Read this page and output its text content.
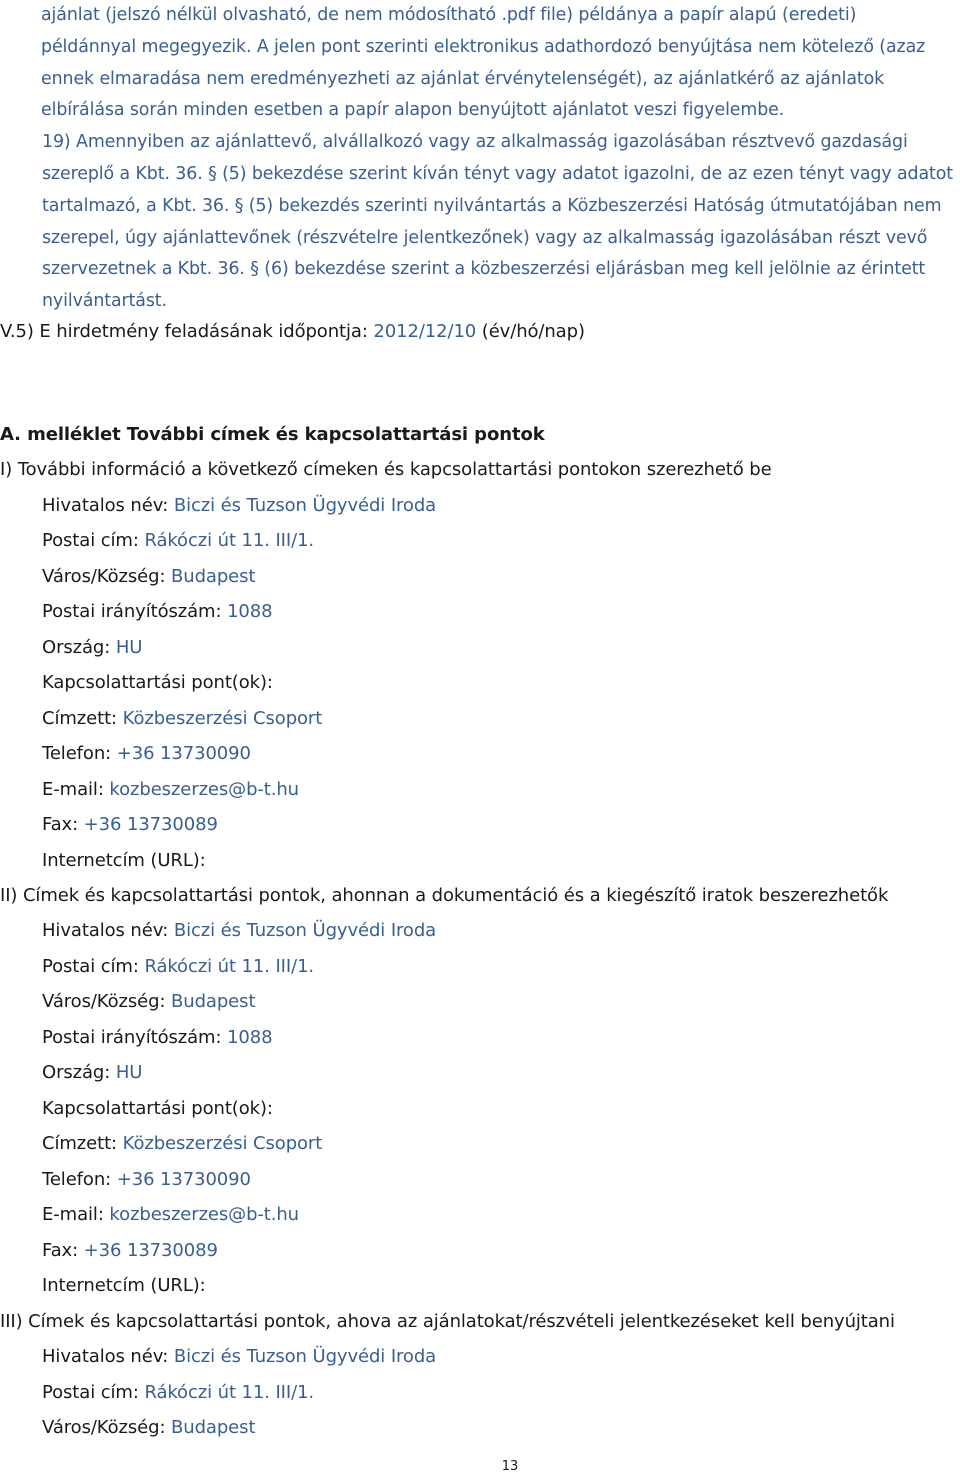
ajánlat (jelszó nélkül olvasható, de nem módosítható .pdf file) példánya a papír alapú (eredeti) példánnyal megegyezik. A jelen pont szerinti elektronikus adathordozó benyújtása nem kötelező (azaz ennek elmaradása nem eredményezheti az ajánlat érvénytelenségét), az ajánlatkérő az ajánlatok elbírálása során minden esetben a papír alapon benyújtott ajánlatot veszi figyelembe.

19) Amennyiben az ajánlattevő, alvállalkozó vagy az alkalmasság igazolásában résztvevő gazdasági szereplő a Kbt. 36. § (5) bekezdése szerint kíván tényt vagy adatot igazolni, de az ezen tényt vagy adatot tartalmazó, a Kbt. 36. § (5) bekezdés szerinti nyilvántartás a Közbeszerzési Hatóság útmutatójában nem szerepel, úgy ajánlattevőnek (részvételre jelentkezőnek) vagy az alkalmasság igazolásában részt vevő szervezetnek a Kbt. 36. § (6) bekezdése szerint a közbeszerzési eljárásban meg kell jelölnie az érintett nyilvántartást.

V.5) E hirdetmény feladásának időpontja: 2012/12/10 (év/hó/nap)
A. melléklet További címek és kapcsolattartási pontok
I) További információ a következő címeken és kapcsolattartási pontokon szerezhető be
Hivatalos név: Biczi és Tuzson Ügyvédi Iroda
Postai cím: Rákóczi út 11. III/1.
Város/Község: Budapest
Postai irányítószám: 1088
Ország: HU
Kapcsolattartási pont(ok):
Címzett: Közbeszerzési Csoport
Telefon: +36 13730090
E-mail: kozbeszerzes@b-t.hu
Fax: +36 13730089
Internetcím (URL):
II) Címek és kapcsolattartási pontok, ahonnan a dokumentáció és a kiegészítő iratok beszerezhetők
Hivatalos név: Biczi és Tuzson Ügyvédi Iroda
Postai cím: Rákóczi út 11. III/1.
Város/Község: Budapest
Postai irányítószám: 1088
Ország: HU
Kapcsolattartási pont(ok):
Címzett: Közbeszerzési Csoport
Telefon: +36 13730090
E-mail: kozbeszerzes@b-t.hu
Fax: +36 13730089
Internetcím (URL):
III) Címek és kapcsolattartási pontok, ahova az ajánlatokat/részvételi jelentkezéseket kell benyújtani
Hivatalos név: Biczi és Tuzson Ügyvédi Iroda
Postai cím: Rákóczi út 11. III/1.
Város/Község: Budapest
13
